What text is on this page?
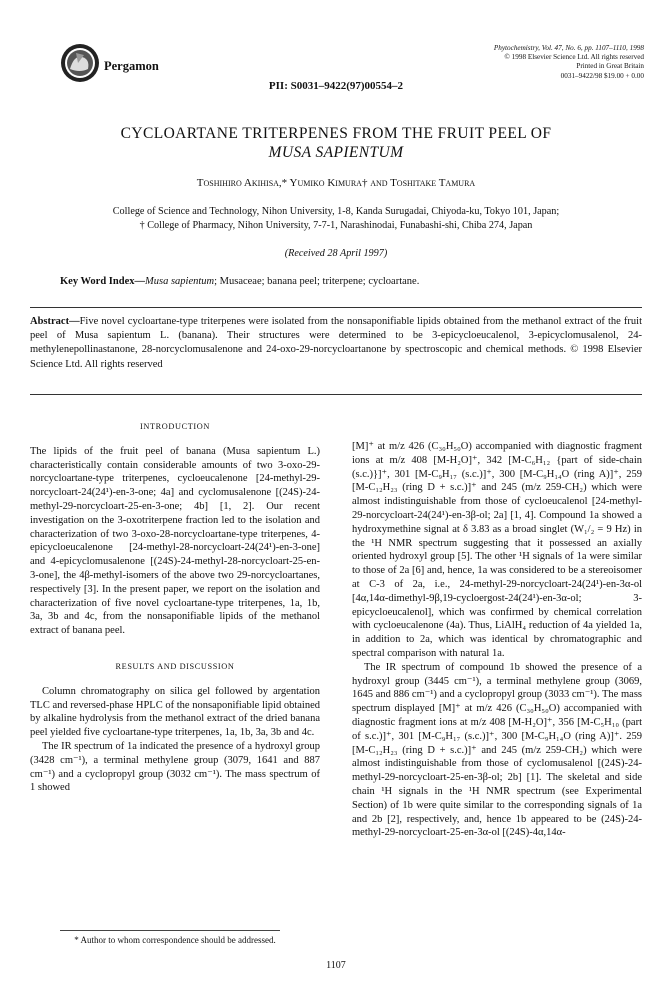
Pergamon
Phytochemistry, Vol. 47, No. 6, pp. 1107–1110, 1998
© 1998 Elsevier Science Ltd. All rights reserved
Printed in Great Britain
0031–9422/98 $19.00 + 0.00
PII: S0031–9422(97)00554–2
CYCLOARTANE TRITERPENES FROM THE FRUIT PEEL OF
MUSA SAPIENTUM
Toshihiro Akihisa,* Yumiko Kimura† and Toshitake Tamura
College of Science and Technology, Nihon University, 1-8, Kanda Surugadai, Chiyoda-ku, Tokyo 101, Japan;
† College of Pharmacy, Nihon University, 7-7-1, Narashinodai, Funabashi-shi, Chiba 274, Japan
(Received 28 April 1997)
Key Word Index—Musa sapientum; Musaceae; banana peel; triterpene; cycloartane.
Abstract—Five novel cycloartane-type triterpenes were isolated from the nonsaponifiable lipids obtained from the methanol extract of the fruit peel of Musa sapientum L. (banana). Their structures were determined to be 3-epicycloeucalenol, 3-epicyclomusalenol, 24-methylenepollinastanone, 28-norcyclomusalenone and 24-oxo-29-norcycloartanone by spectroscopic and chemical methods. © 1998 Elsevier Science Ltd. All rights reserved
INTRODUCTION

The lipids of the fruit peel of banana (Musa sapientum L.) characteristically contain considerable amounts of two 3-oxo-29-norcycloartane-type triterpenes, cycloeucalenone [24-methyl-29-norcycloart-24(24¹)-en-3-one; 4a] and cyclomusalenone [(24S)-24-methyl-29-norcycloart-25-en-3-one; 4b] [1, 2]. Our recent investigation on the 3-oxotriterpene fraction led to the isolation and characterization of two 3-oxo-28-norcycloartane-type triterpenes, 4-epicycloeucalenone [24-methyl-28-norcycloart-24(24¹)-en-3-one] and 4-epicyclomusalenone [(24S)-24-methyl-28-norcycloart-25-en-3-one], the 4β-methyl-isomers of the above two 29-norcycloartanes, respectively [3]. In the present paper, we report on the isolation and characterization of five novel cycloartane-type triterpenes, 1a, 1b, 3a, 3b and 4c, from the nonsaponifiable lipids of the methanol extract of banana peel.

RESULTS AND DISCUSSION

Column chromatography on silica gel followed by argentation TLC and reversed-phase HPLC of the nonsaponifiable lipid obtained by alkaline hydrolysis from the methanol extract of the dried banana peel yielded five cycloartane-type triterpenes, 1a, 1b, 3a, 3b and 4c.

The IR spectrum of 1a indicated the presence of a hydroxyl group (3428 cm⁻¹), a terminal methylene group (3079, 1641 and 887 cm⁻¹) and a cyclopropyl group (3032 cm⁻¹). The mass spectrum of 1 showed

[M]⁺ at m/z 426 (C₃₀H₅₀O) accompanied with diagnostic fragment ions at m/z 408 [M-H₂O]⁺, 342 [M-C₆H₁₂ {part of side-chain (s.c.)}]⁺, 301 [M-C₉H₁₇ (s.c.)]⁺, 300 [M-C₉H₁₄O (ring A)]⁺, 259 [M-C₁₂H₂₃ (ring D + s.c.)]⁺ and 245 (m/z 259-CH₂) which were almost indistinguishable from those of cycloeucalenol [24-methyl-29-norcycloart-24(24¹)-en-3β-ol; 2a] [1, 4]. Compound 1a showed a hydroxymethine signal at δ 3.83 as a broad singlet (W₁/₂ = 9 Hz) in the ¹H NMR spectrum suggesting that it possessed an axially oriented hydroxyl group [5]. The other ¹H signals of 1a were similar to those of 2a [6] and, hence, 1a was considered to be a stereoisomer at C-3 of 2a, i.e., 24-methyl-29-norcycloart-24(24¹)-en-3α-ol [4α,14α-dimethyl-9β,19-cycloergost-24(24¹)-en-3α-ol; 3-epicycloeucalenol], which was confirmed by chemical correlation with cycloeucalenone (4a). Thus, LiAlH₄ reduction of 4a yielded 1a, in addition to 2a, which was identical by chromatographic and spectral comparison with natural 1a.

The IR spectrum of compound 1b showed the presence of a hydroxyl group (3445 cm⁻¹), a terminal methylene group (3069, 1645 and 886 cm⁻¹) and a cyclopropyl group (3033 cm⁻¹). The mass spectrum displayed [M]⁺ at m/z 426 (C₃₀H₅₀O) accompanied with diagnostic fragment ions at m/z 408 [M-H₂O]⁺, 356 [M-C₅H₁₀ (part of s.c.)]⁺, 301 [M-C₉H₁₇ (s.c.)]⁺, 300 [M-C₉H₁₄O (ring A)]⁺. 259 [M-C₁₂H₂₃ (ring D + s.c.)]⁺ and 245 (m/z 259-CH₂) which were almost indistinguishable from those of cyclomusalenol [(24S)-24-methyl-29-norcycloart-25-en-3β-ol; 2b] [1]. The skeletal and side chain ¹H signals in the ¹H NMR spectrum (see Experimental Section) of 1b were quite similar to the corresponding signals of 1a and 2b [2], respectively, and, hence 1b appeared to be (24S)-24-methyl-29-norcycloart-25-en-3α-ol [(24S)-4α,14α-

* Author to whom correspondence should be addressed.
1107
